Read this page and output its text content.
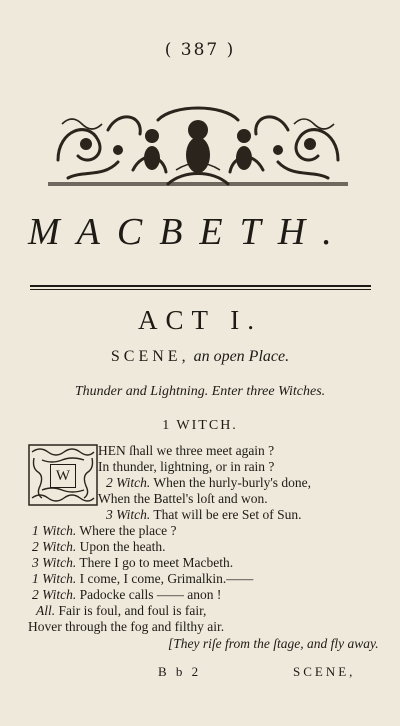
( 387 )
MACBETH.
ACT I.
SCENE, an open Place.
Thunder and Lightning. Enter three Witches.
1 WITCH.
W
HEN ſhall we three meet again ?
In thunder, lightning, or in rain ?
2 Witch. When the hurly-burly's done,
When the Battel's loſt and won.
3 Witch. That will be ere Set of Sun.
1 Witch. Where the place ?
2 Witch. Upon the heath.
3 Witch. There I go to meet Macbeth.
1 Witch. I come, I come, Grimalkin.——
2 Witch. Padocke calls —— anon !
All. Fair is foul, and foul is fair,
Hover through the fog and filthy air.
[They riſe from the ſtage, and fly away.
B b 2	SCENE,
